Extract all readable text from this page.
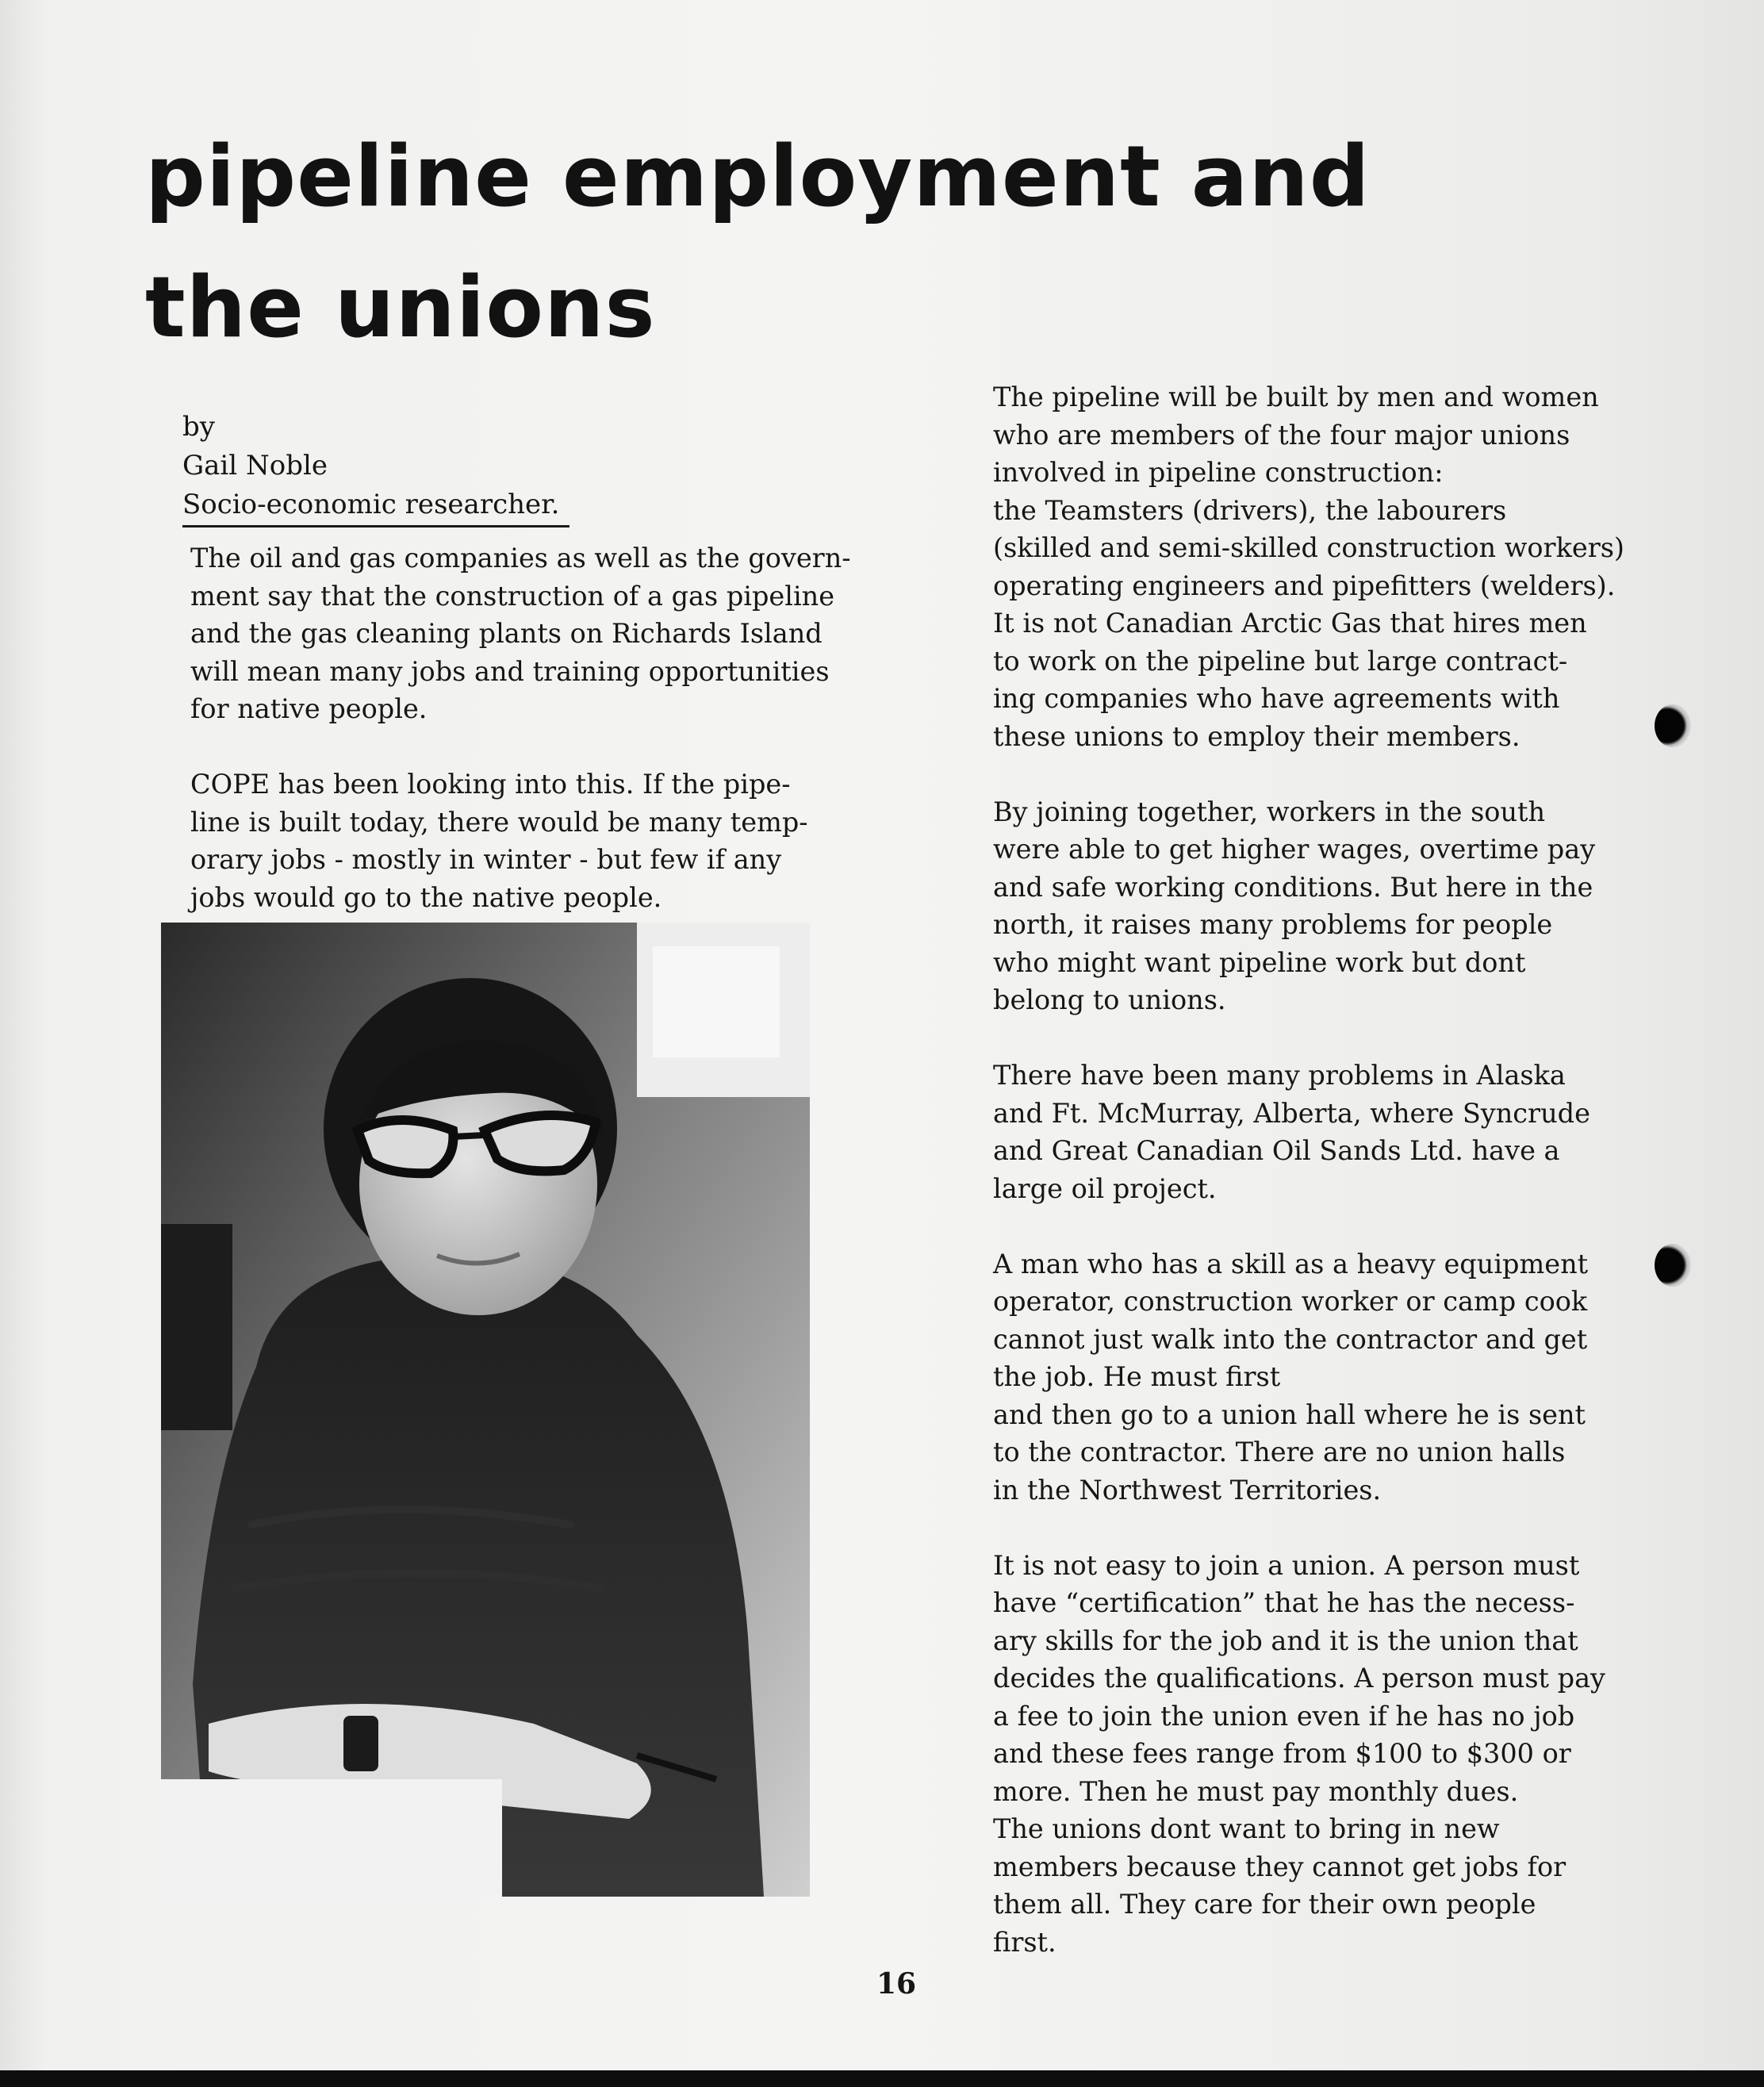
pipeline employment and
the unions
by
Gail Noble
Socio-economic researcher.

The oil and gas companies as well as the govern-
ment say that the construction of a gas pipeline
and the gas cleaning plants on Richards Island
will mean many jobs and training opportunities
for native people.

COPE has been looking into this. If the pipe-
line is built today, there would be many temp-
orary jobs - mostly in winter - but few if any
jobs would go to the native people.

The pipeline will be built by men and women
who are members of the four major unions
involved in pipeline construction:
the Teamsters (drivers), the labourers
(skilled and semi-skilled construction workers)
operating engineers and pipefitters (welders).
It is not Canadian Arctic Gas that hires men
to work on the pipeline but large contract-
ing companies who have agreements with
these unions to employ their members.

By joining together, workers in the south
were able to get higher wages, overtime pay
and safe working conditions. But here in the
north, it raises many problems for people
who might want pipeline work but dont
belong to unions.

There have been many problems in Alaska
and Ft. McMurray, Alberta, where Syncrude
and Great Canadian Oil Sands Ltd. have a
large oil project.

A man who has a skill as a heavy equipment
operator, construction worker or camp cook
cannot just walk into the contractor and get
the job. He must first
and then go to a union hall where he is sent
to the contractor. There are no union halls
in the Northwest Territories.

It is not easy to join a union. A person must
have “certification” that he has the necess-
ary skills for the job and it is the union that
decides the qualifications. A person must pay
a fee to join the union even if he has no job
and these fees range from $100 to $300 or
more. Then he must pay monthly dues.
The unions dont want to bring in new
members because they cannot get jobs for
them all. They care for their own people
first.

16
